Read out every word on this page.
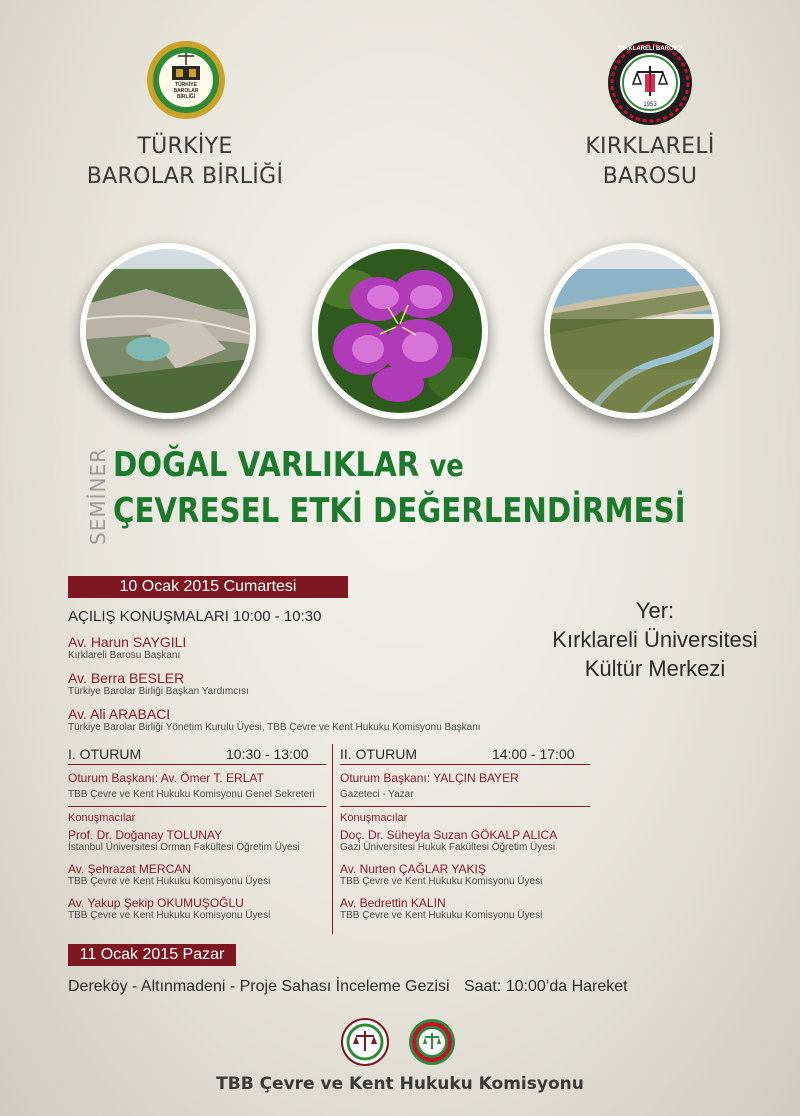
TÜRKİYE
BAROLAR
BİRLİĞİ
KIRKLARELİ BAROSU
1953
TÜRKİYE
BAROLAR BİRLİĞİ
KIRKLARELİ
BAROSU
SEMİNER DOĞAL VARLIKLAR ve
ÇEVRESEL ETKİ DEĞERLENDİRMESİ
10 Ocak 2015 Cumartesi
AÇILIŞ KONUŞMALARI 10:00 - 10:30
Av. Harun SAYGILI
Kırklareli Barosu Başkanı
Av. Berra BESLER
Türkiye Barolar Birliği Başkan Yardımcısı
Av. Ali ARABACI
Türkiye Barolar Birliği Yönetim Kurulu Üyesi, TBB Çevre ve Kent Hukuku Komisyonu Başkanı
Yer:
Kırklareli Üniversitesi
Kültür Merkezi
I. OTURUM	10:30 - 13:00
Oturum Başkanı: Av. Ömer T. ERLAT
TBB Çevre ve Kent Hukuku Komisyonu Genel Sekreteri
Konuşmacılar
Prof. Dr. Doğanay TOLUNAY
İstanbul Üniversitesi Orman Fakültesi Öğretim Üyesi
Av. Şehrazat MERCAN
TBB Çevre ve Kent Hukuku Komisyonu Üyesi
Av. Yakup Şekip OKUMUŞOĞLU
TBB Çevre ve Kent Hukuku Komisyonu Üyesi
II. OTURUM	14:00 - 17:00
Oturum Başkanı: YALÇIN BAYER
Gazeteci - Yazar
Konuşmacılar
Doç. Dr. Süheyla Suzan GÖKALP ALICA
Gazi Üniversitesi Hukuk Fakültesi Öğretim Üyesi
Av. Nurten ÇAĞLAR YAKIŞ
TBB Çevre ve Kent Hukuku Komisyonu Üyesi
Av. Bedrettin KALIN
TBB Çevre ve Kent Hukuku Komisyonu Üyesi
11 Ocak 2015 Pazar
Dereköy - Altınmadeni - Proje Sahası İnceleme Gezisi Saat: 10:00’da Hareket
TBB Çevre ve Kent Hukuku Komisyonu
